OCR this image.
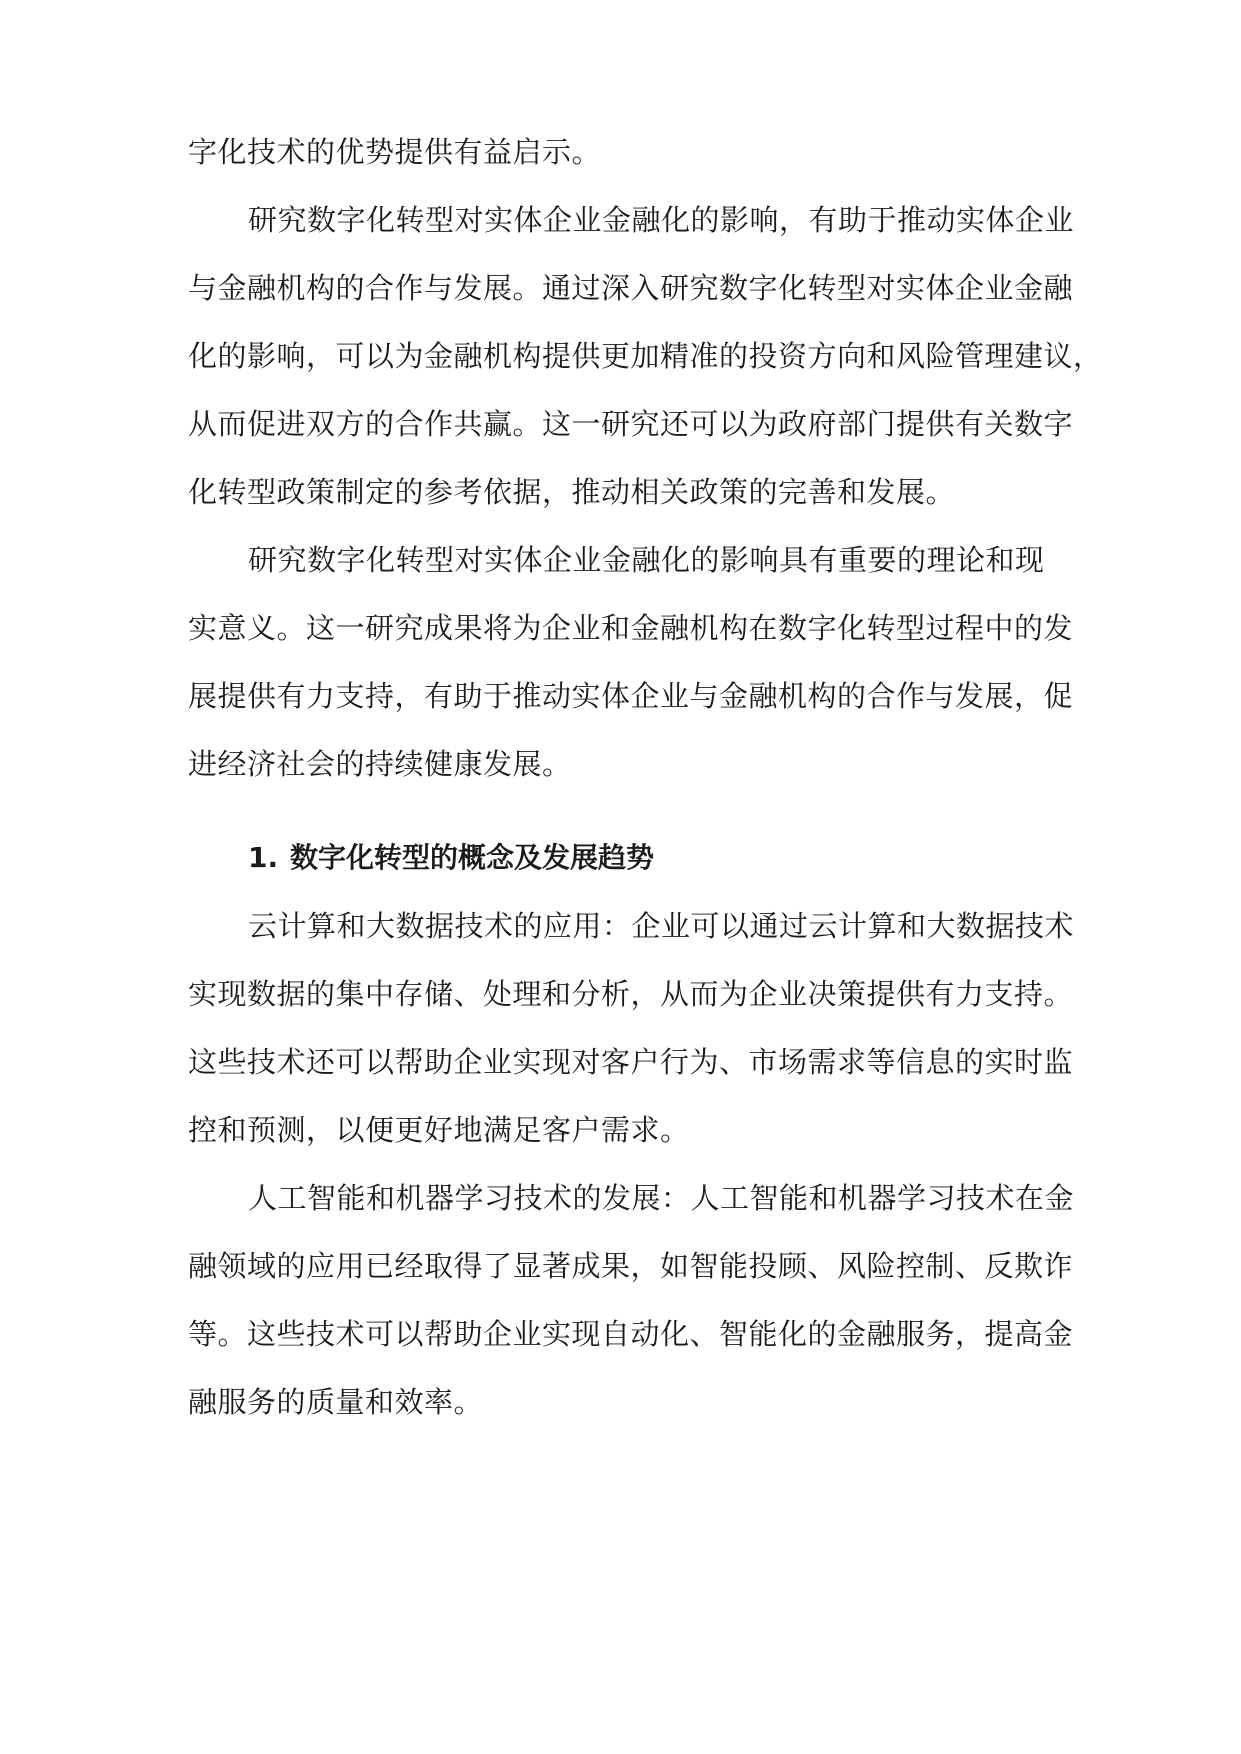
字化技术的优势提供有益启示。
研究数字化转型对实体企业金融化的影响，有助于推动实体企业
与金融机构的合作与发展。通过深入研究数字化转型对实体企业金融
化的影响，可以为金融机构提供更加精准的投资方向和风险管理建议，
从而促进双方的合作共赢。这一研究还可以为政府部门提供有关数字
化转型政策制定的参考依据，推动相关政策的完善和发展。
研究数字化转型对实体企业金融化的影响具有重要的理论和现
实意义。这一研究成果将为企业和金融机构在数字化转型过程中的发
展提供有力支持，有助于推动实体企业与金融机构的合作与发展，促
进经济社会的持续健康发展。
1. 数字化转型的概念及发展趋势
云计算和大数据技术的应用：企业可以通过云计算和大数据技术
实现数据的集中存储、处理和分析，从而为企业决策提供有力支持。
这些技术还可以帮助企业实现对客户行为、市场需求等信息的实时监
控和预测，以便更好地满足客户需求。
人工智能和机器学习技术的发展：人工智能和机器学习技术在金
融领域的应用已经取得了显著成果，如智能投顾、风险控制、反欺诈
等。这些技术可以帮助企业实现自动化、智能化的金融服务，提高金
融服务的质量和效率。
